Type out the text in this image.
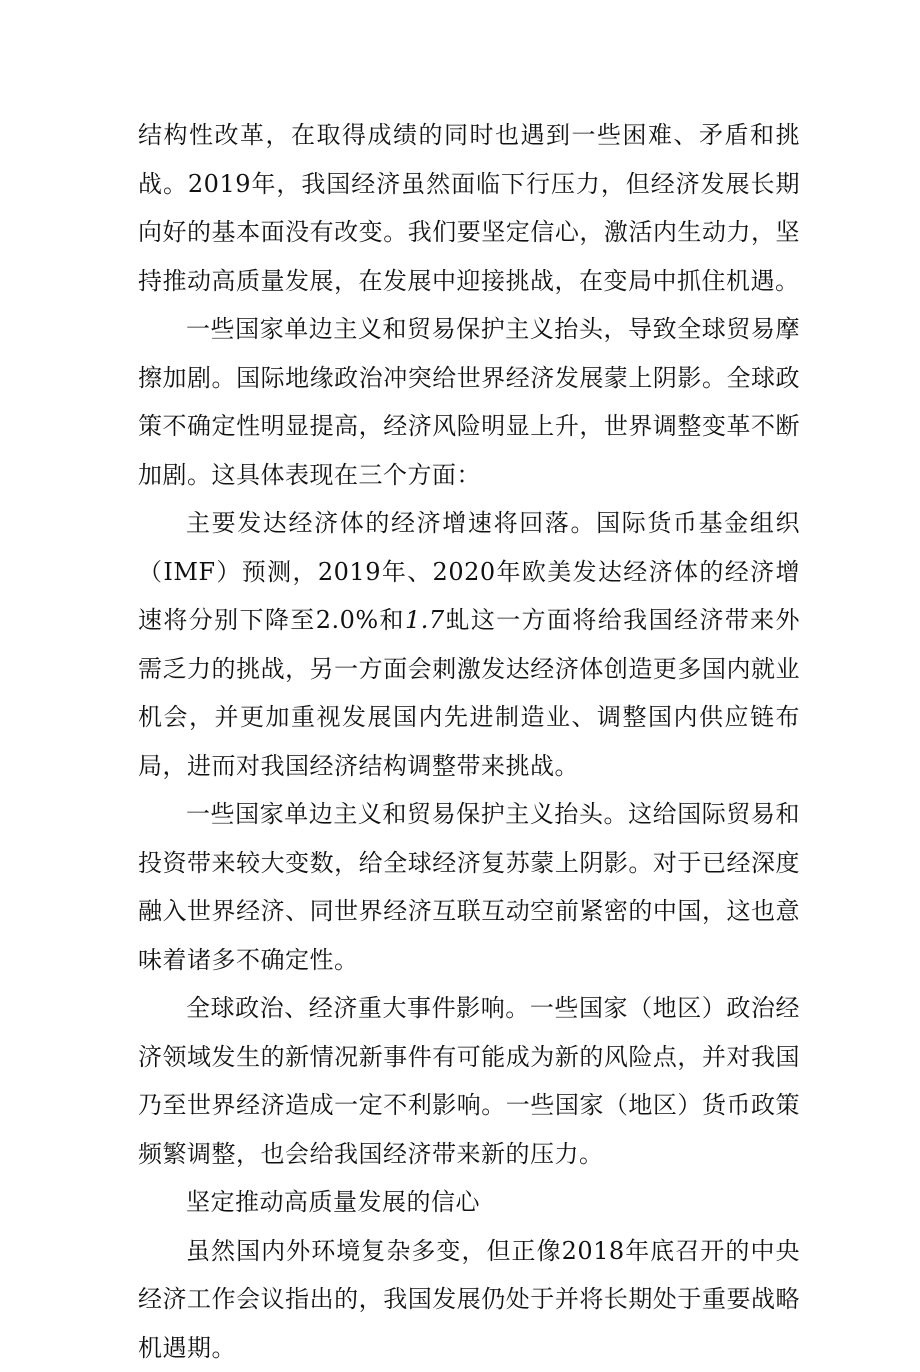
结构性改革，在取得成绩的同时也遇到一些困难、矛盾和挑战。2019年，我国经济虽然面临下行压力，但经济发展长期向好的基本面没有改变。我们要坚定信心，激活内生动力，坚持推动高质量发展，在发展中迎接挑战，在变局中抓住机遇。

一些国家单边主义和贸易保护主义抬头，导致全球贸易摩擦加剧。国际地缘政治冲突给世界经济发展蒙上阴影。全球政策不确定性明显提高，经济风险明显上升，世界调整变革不断加剧。这具体表现在三个方面：

主要发达经济体的经济增速将回落。国际货币基金组织（IMF）预测，2019年、2020年欧美发达经济体的经济增速将分别下降至2.0%和1.7虬这一方面将给我国经济带来外需乏力的挑战，另一方面会刺激发达经济体创造更多国内就业机会，并更加重视发展国内先进制造业、调整国内供应链布局，进而对我国经济结构调整带来挑战。

一些国家单边主义和贸易保护主义抬头。这给国际贸易和投资带来较大变数，给全球经济复苏蒙上阴影。对于已经深度融入世界经济、同世界经济互联互动空前紧密的中国，这也意味着诸多不确定性。

全球政治、经济重大事件影响。一些国家（地区）政治经济领域发生的新情况新事件有可能成为新的风险点，并对我国乃至世界经济造成一定不利影响。一些国家（地区）货币政策频繁调整，也会给我国经济带来新的压力。

坚定推动高质量发展的信心

虽然国内外环境复杂多变，但正像2018年底召开的中央经济工作会议指出的，我国发展仍处于并将长期处于重要战略机遇期。
